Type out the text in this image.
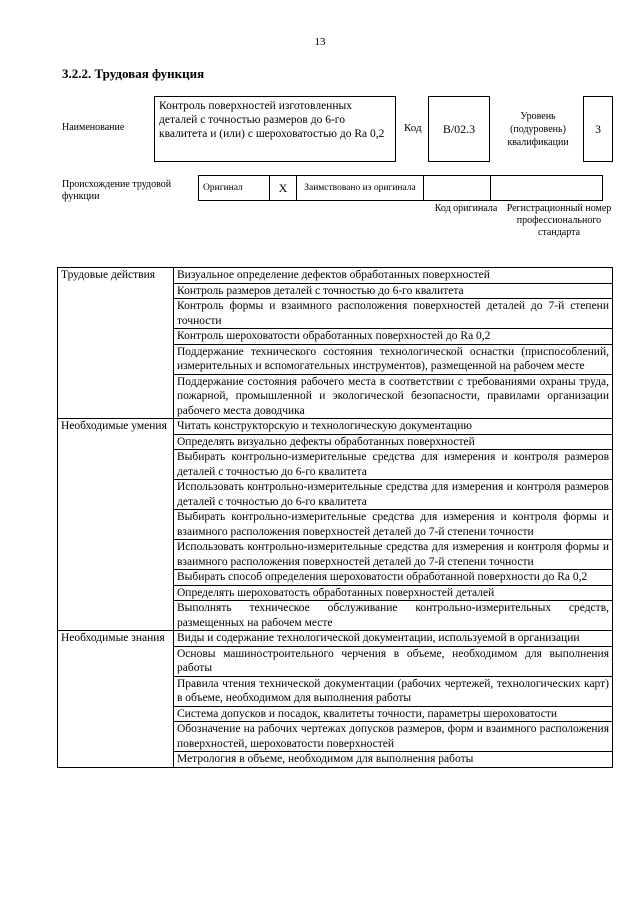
13
3.2.2. Трудовая функция
Наименование
Контроль поверхностей изготовленных деталей с точностью размеров до 6-го квалитета и (или) с шероховатостью до Ra 0,2	Код	B/02.3
Уровень (подуровень) квалификации
3
Происхождение трудовой функции
Оригинал	X	Заимствовано из оригинала		
Код оригинала Регистрационный номер профессионального стандарта
Трудовые действия	Визуальное определение дефектов обработанных поверхностей
	Контроль размеров деталей с точностью до 6-го квалитета
	Контроль формы и взаимного расположения поверхностей деталей до 7-й степени точности
	Контроль шероховатости обработанных поверхностей до Ra 0,2
	Поддержание технического состояния технологической оснастки (приспособлений, измерительных и вспомогательных инструментов), размещенной на рабочем месте
	Поддержание состояния рабочего места в соответствии с требованиями охраны труда, пожарной, промышленной и экологической безопасности, правилами организации рабочего места доводчика
Необходимые умения	Читать конструкторскую и технологическую документацию
	Определять визуально дефекты обработанных поверхностей
	Выбирать контрольно-измерительные средства для измерения и контроля размеров деталей с точностью до 6-го квалитета
	Использовать контрольно-измерительные средства для измерения и контроля размеров деталей с точностью до 6-го квалитета
	Выбирать контрольно-измерительные средства для измерения и контроля формы и взаимного расположения поверхностей деталей до 7-й степени точности
	Использовать контрольно-измерительные средства для измерения и контроля формы и взаимного расположения поверхностей деталей до 7-й степени точности
	Выбирать способ определения шероховатости обработанной поверхности до Ra 0,2
	Определять шероховатость обработанных поверхностей деталей
	Выполнять техническое обслуживание контрольно-измерительных средств, размещенных на рабочем месте
Необходимые знания	Виды и содержание технологической документации, используемой в организации
	Основы машиностроительного черчения в объеме, необходимом для выполнения работы
	Правила чтения технической документации (рабочих чертежей, технологических карт) в объеме, необходимом для выполнения работы
	Система допусков и посадок, квалитеты точности, параметры шероховатости
	Обозначение на рабочих чертежах допусков размеров, форм и взаимного расположения поверхностей, шероховатости поверхностей
	Метрология в объеме, необходимом для выполнения работы
